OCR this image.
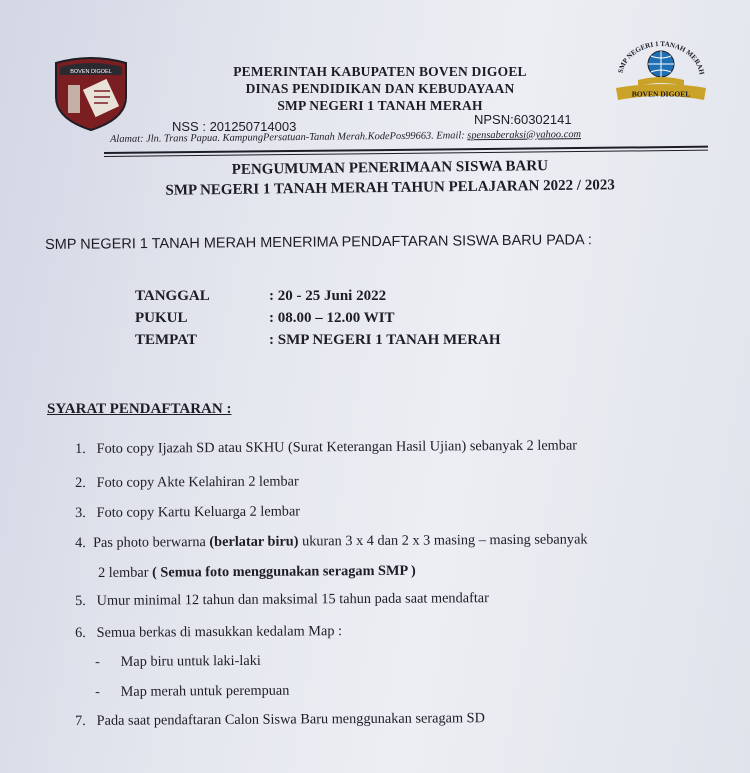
BOVEN DIGOEL	SMP NEGERI 1 TANAH MERAH
BOVEN DIGOEL
PEMERINTAH KABUPATEN BOVEN DIGOEL
DINAS PENDIDIKAN DAN KEBUDAYAAN
SMP NEGERI 1 TANAH MERAH
NSS : 201250714003	NPSN:60302141
Alamat: Jln. Trans Papua. KampungPersatuan-Tanah Merah.KodePos99663. Email: spensaberaksi@yahoo.com
PENGUMUMAN PENERIMAAN SISWA BARU
SMP NEGERI 1 TANAH MERAH TAHUN PELAJARAN 2022 / 2023
SMP NEGERI 1 TANAH MERAH MENERIMA PENDAFTARAN SISWA BARU PADA :
TANGGAL	: 20 - 25 Juni 2022
PUKUL	: 08.00 – 12.00 WIT
TEMPAT	: SMP NEGERI 1 TANAH MERAH
SYARAT PENDAFTARAN :
1. Foto copy Ijazah SD atau SKHU (Surat Keterangan Hasil Ujian) sebanyak 2 lembar
2. Foto copy Akte Kelahiran 2 lembar
3. Foto copy Kartu Keluarga 2 lembar
4. Pas photo berwarna (berlatar biru) ukuran 3 x 4 dan 2 x 3 masing – masing sebanyak
2 lembar ( Semua foto menggunakan seragam SMP )
5. Umur minimal 12 tahun dan maksimal 15 tahun pada saat mendaftar
6. Semua berkas di masukkan kedalam Map :
- Map biru untuk laki-laki
- Map merah untuk perempuan
7. Pada saat pendaftaran Calon Siswa Baru menggunakan seragam SD
